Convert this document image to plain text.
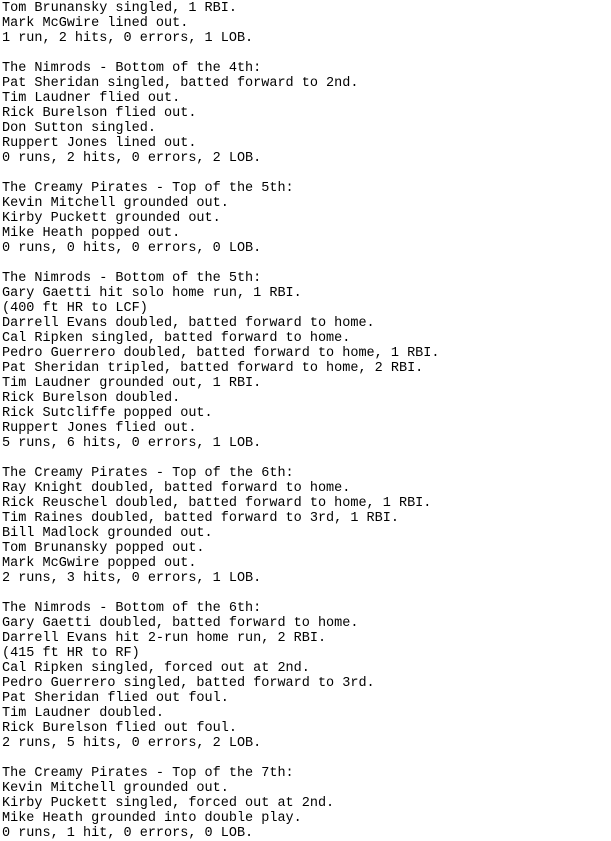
Tom Brunansky singled, 1 RBI.
Mark McGwire lined out.
1 run, 2 hits, 0 errors, 1 LOB.
The Nimrods - Bottom of the 4th:
Pat Sheridan singled, batted forward to 2nd.
Tim Laudner flied out.
Rick Burelson flied out.
Don Sutton singled.
Ruppert Jones lined out.
0 runs, 2 hits, 0 errors, 2 LOB.
The Creamy Pirates - Top of the 5th:
Kevin Mitchell grounded out.
Kirby Puckett grounded out.
Mike Heath popped out.
0 runs, 0 hits, 0 errors, 0 LOB.
The Nimrods - Bottom of the 5th:
Gary Gaetti hit solo home run, 1 RBI.
(400 ft HR to LCF)
Darrell Evans doubled, batted forward to home.
Cal Ripken singled, batted forward to home.
Pedro Guerrero doubled, batted forward to home, 1 RBI.
Pat Sheridan tripled, batted forward to home, 2 RBI.
Tim Laudner grounded out, 1 RBI.
Rick Burelson doubled.
Rick Sutcliffe popped out.
Ruppert Jones flied out.
5 runs, 6 hits, 0 errors, 1 LOB.
The Creamy Pirates - Top of the 6th:
Ray Knight doubled, batted forward to home.
Rick Reuschel doubled, batted forward to home, 1 RBI.
Tim Raines doubled, batted forward to 3rd, 1 RBI.
Bill Madlock grounded out.
Tom Brunansky popped out.
Mark McGwire popped out.
2 runs, 3 hits, 0 errors, 1 LOB.
The Nimrods - Bottom of the 6th:
Gary Gaetti doubled, batted forward to home.
Darrell Evans hit 2-run home run, 2 RBI.
(415 ft HR to RF)
Cal Ripken singled, forced out at 2nd.
Pedro Guerrero singled, batted forward to 3rd.
Pat Sheridan flied out foul.
Tim Laudner doubled.
Rick Burelson flied out foul.
2 runs, 5 hits, 0 errors, 2 LOB.
The Creamy Pirates - Top of the 7th:
Kevin Mitchell grounded out.
Kirby Puckett singled, forced out at 2nd.
Mike Heath grounded into double play.
0 runs, 1 hit, 0 errors, 0 LOB.
